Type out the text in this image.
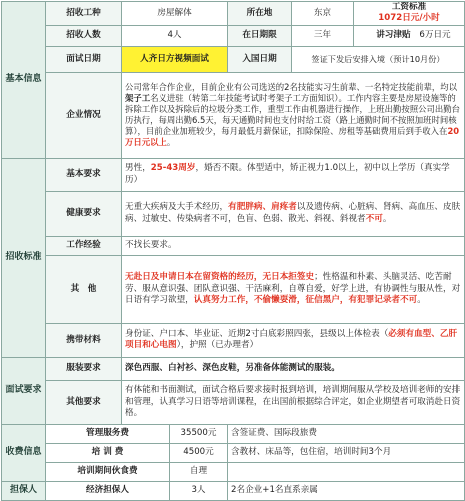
基本信息	招收工种	房屋解体		所在地	东京	工资标准1072日元/小时
	招收人数	4人		在日期限	三年	讲习津贴 6万日元
	面试日期	人齐日方视频面试		入国日期	签证下发后安排入境（预计10月份）	
	企业情况	公司常年合作企业，目前企业有公司选送的2名技能实习生前辈、一名特定技能前辈，均以架子工名义进驻（转第二年技能考试时考架子工方面知识）。工作内容主要是房屋设施等的拆除工作以及拆除后的垃圾分类工作，重型工作由机器进行操作，上班出勤按照公司出勤台历执行，每周出勤6.5天，每天通勤时间也支付时给工资（路上通勤时间不按照加班时间核算），目前企业加班较少，每月最低月薪保证，扣除保险、房租等基础费用后到手收入在20万日元以上。				
招收标准	基本要求	男性，25-43周岁，婚否不限。体型适中，矫正视力1.0以上，初中以上学历（真实学历）				
	健康要求	无重大疾病及大手术经历，有肥胖病、肩疼者以及遗传病、心脏病、肾病、高血压、皮肤病、过敏史、传染病者不可，色盲、色弱、散光、斜视、斜视者不可。				
	工作经验	不找长要求。				
	其　他	无赴日及申请日本在留资格的经历，无日本拒签史；性格温和朴素、头脑灵活、吃苦耐劳、服从意识强、团队意识强、干活麻利，自尊自爱，好学上进，有协调性与服从性，对日语有学习欲望，认真努力工作，不偷懒耍滑，征信黑户，有犯罪记录者不可。				
	携带材料	身份证、户口本、毕业证、近期2寸白底彩照四张，县级以上体检表（必须有血型、乙肝项目和心电图），护照（已办理者）				
面试要求	服装要求	深色西服、白衬衫、深色皮鞋，另准备体能测试的服装。				
	其他要求	有体能和书面测试，面试合格后要求接时报到培训，培训期间服从学校及培训老师的安排和管理，认真学习日语等培训课程，在出国前根据综合评定，如企业期望者可取消赴日资格。				

收费信息	管理服务费		35500元	含签证费、国际段旅费		
	培 训 费		4500元	含教材、床品等，包住宿，培训时间3个月		
	培训期间伙食费		自理			
担保人	经济担保人		3人	2名企业+1名直系亲属		
